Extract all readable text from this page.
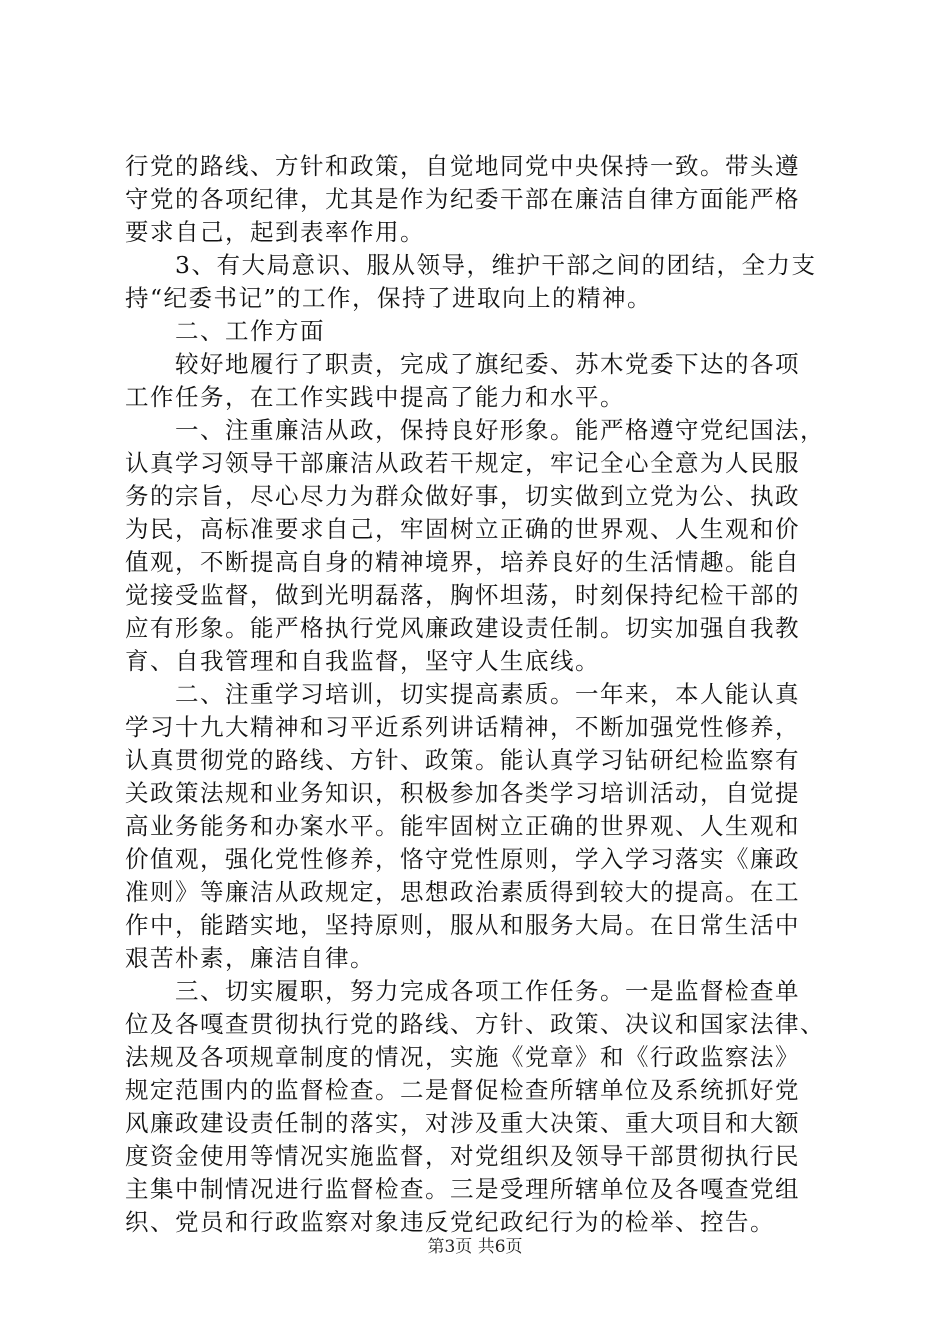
行党的路线、方针和政策，自觉地同党中央保持一致。带头遵
守党的各项纪律，尤其是作为纪委干部在廉洁自律方面能严格
要求自己，起到表率作用。
　　3、有大局意识、服从领导，维护干部之间的团结，全力支
持“纪委书记”的工作，保持了进取向上的精神。
　　二、工作方面
　　较好地履行了职责，完成了旗纪委、苏木党委下达的各项
工作任务，在工作实践中提高了能力和水平。
　　一、注重廉洁从政，保持良好形象。能严格遵守党纪国法，
认真学习领导干部廉洁从政若干规定，牢记全心全意为人民服
务的宗旨，尽心尽力为群众做好事，切实做到立党为公、执政
为民，高标准要求自己，牢固树立正确的世界观、人生观和价
值观，不断提高自身的精神境界，培养良好的生活情趣。能自
觉接受监督，做到光明磊落，胸怀坦荡，时刻保持纪检干部的
应有形象。能严格执行党风廉政建设责任制。切实加强自我教
育、自我管理和自我监督，坚守人生底线。
　　二、注重学习培训，切实提高素质。一年来，本人能认真
学习十九大精神和习平近系列讲话精神，不断加强党性修养，
认真贯彻党的路线、方针、政策。能认真学习钻研纪检监察有
关政策法规和业务知识，积极参加各类学习培训活动，自觉提
高业务能务和办案水平。能牢固树立正确的世界观、人生观和
价值观，强化党性修养，恪守党性原则，学入学习落实《廉政
准则》等廉洁从政规定，思想政治素质得到较大的提高。在工
作中，能踏实地，坚持原则，服从和服务大局。在日常生活中
艰苦朴素，廉洁自律。
　　三、切实履职，努力完成各项工作任务。一是监督检查单
位及各嘎查贯彻执行党的路线、方针、政策、决议和国家法律、
法规及各项规章制度的情况，实施《党章》和《行政监察法》
规定范围内的监督检查。二是督促检查所辖单位及系统抓好党
风廉政建设责任制的落实，对涉及重大决策、重大项目和大额
度资金使用等情况实施监督，对党组织及领导干部贯彻执行民
主集中制情况进行监督检查。三是受理所辖单位及各嘎查党组
织、党员和行政监察对象违反党纪政纪行为的检举、控告。
第3页 共6页
